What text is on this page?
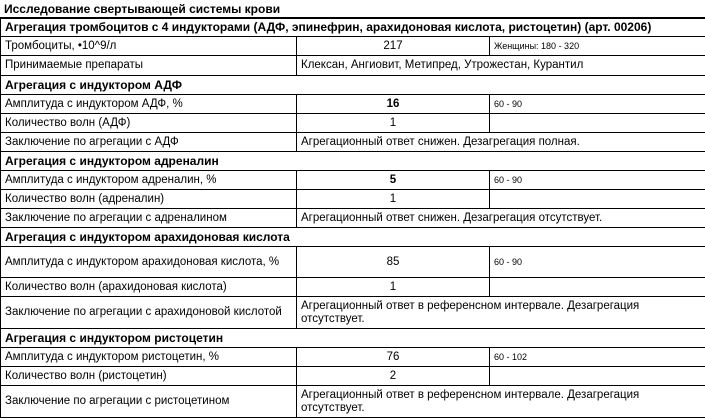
Исследование свертывающей системы крови
Агрегация тромбоцитов с 4 индукторами (АДФ, эпинефрин, арахидоновая кислота, ристоцетин) (арт. 00206)		
Тромбоциты, •10^9/л	217	Женщины: 180 - 320
Принимаемые препараты	Клексан, Ангиовит, Метипред, Утрожестан, Курантил	
Агрегация с индуктором АДФ		
Амплитуда с индуктором АДФ, %	16	60 - 90
Количество волн (АДФ)	1	
Заключение по агрегации с АДФ	Агрегационный ответ снижен. Дезагрегация полная.	
Агрегация с индуктором адреналин		
Амплитуда с индуктором адреналин, %	5	60 - 90
Количество волн (адреналин)	1	
Заключение по агрегации с адреналином	Агрегационный ответ снижен. Дезагрегация отсутствует.	
Агрегация с индуктором арахидоновая кислота		
Амплитуда с индуктором арахидоновая кислота, %	85	60 - 90
Количество волн (арахидоновая кислота)	1	
Заключение по агрегации с арахидоновой кислотой	Агрегационный ответ в референсном интервале. Дезагрегация отсутствует.	
Агрегация с индуктором ристоцетин		
Амплитуда с индуктором ристоцетин, %	76	60 - 102
Количество волн (ристоцетин)	2	
Заключение по агрегации с ристоцетином	Агрегационный ответ в референсном интервале. Дезагрегация отсутствует.	
